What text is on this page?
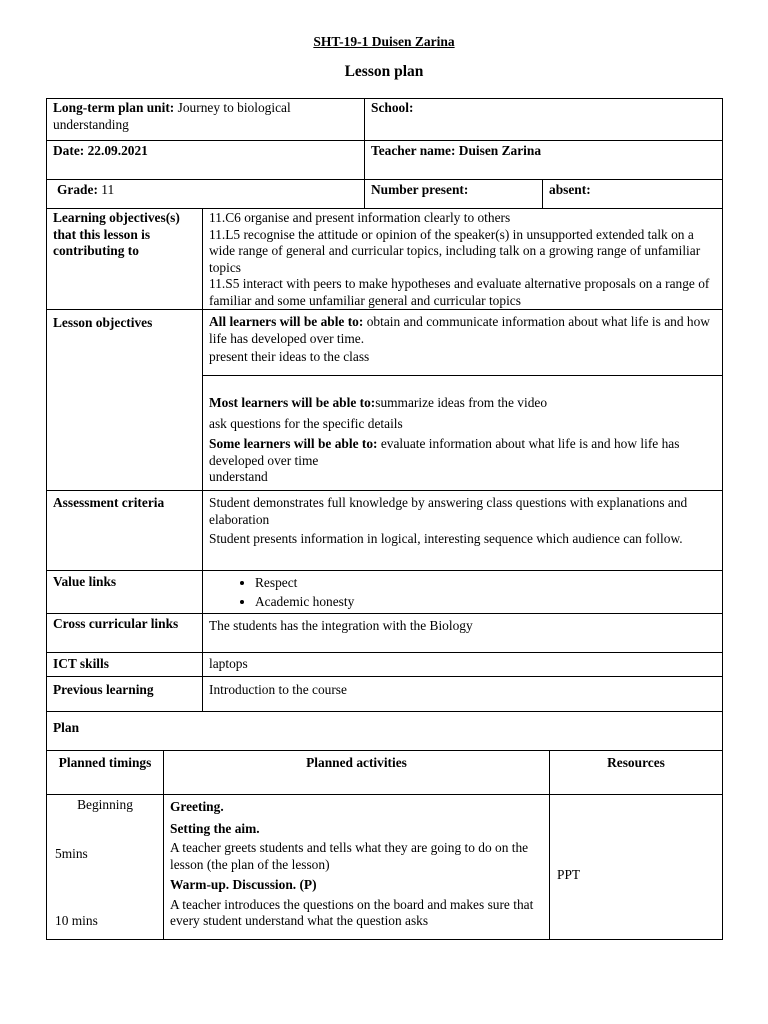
SHT-19-1 Duisen Zarina
Lesson plan
Long-term plan unit: Journey to biological understanding
School:
Date: 22.09.2021	Teacher name: Duisen Zarina
Grade: 11	Number present:	absent:
Learning objectives(s) that this lesson is contributing to

11.C6 organise and present information clearly to others

11.L5 recognise the attitude or opinion of the speaker(s) in unsupported extended talk on a wide range of general and curricular topics, including talk on a growing range of unfamiliar topics

11.S5 interact with peers to make hypotheses and evaluate alternative proposals on a range of familiar and some unfamiliar general and curricular topics

Lesson objectives	All learners will be able to: obtain and communicate information about what life is and how life has developed over time.

present their ideas to the class

Most learners will be able to:summarize ideas from the video

ask questions for the specific details

Some learners will be able to: evaluate information about what life is and how life has developed over time

understand

Assessment criteria	Student demonstrates full knowledge by answering class questions with explanations and elaboration

Student presents information in logical, interesting sequence which audience can follow.

Value links
•	Respect
• Academic honesty
Cross curricular links	The students has the integration with the Biology
ICT skills	laptops
Previous learning	Introduction to the course
Plan
Planned timings	Planned activities	Resources
Beginning
5mins
10 mins

Greeting.

Setting the aim.

A teacher greets students and tells what they are going to do on the lesson (the plan of the lesson)

Warm-up. Discussion. (P)

A teacher introduces the questions on the board and makes sure that every student understand what the question asks

PPT
